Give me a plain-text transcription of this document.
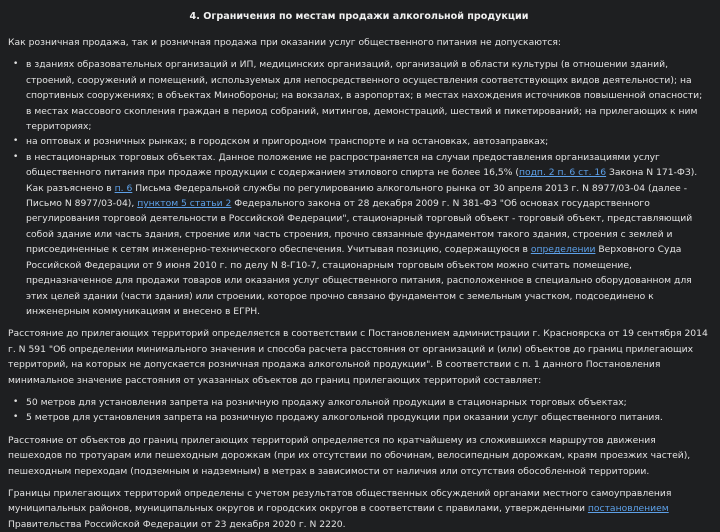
4. Ограничения по местам продажи алкогольной продукции

Как розничная продажа, так и розничная продажа при оказании услуг общественного питания не допускаются:

• в зданиях образовательных организаций и ИП, медицинских организаций, организаций в области культуры (в отношении зданий, строений, сооружений и помещений, используемых для непосредственного осуществления соответствующих видов деятельности); на спортивных сооружениях; в объектах Минобороны; на вокзалах, в аэропортах; в местах нахождения источников повышенной опасности; в местах массового скопления граждан в период собраний, митингов, демонстраций, шествий и пикетирований; на прилегающих к ним территориях;
• на оптовых и розничных рынках; в городском и пригородном транспорте и на остановках, автозаправках;
• в нестационарных торговых объектах. Данное положение не распространяется на случаи предоставления организациями услуг общественного питания при продаже продукции с содержанием этилового спирта не более 16,5% (подп. 2 п. 6 ст. 16 Закона N 171-ФЗ). Как разъяснено в п. 6 Письма Федеральной службы по регулированию алкогольного рынка от 30 апреля 2013 г. N 8977/03-04 (далее - Письмо N 8977/03-04), пунктом 5 статьи 2 Федерального закона от 28 декабря 2009 г. N 381-ФЗ "Об основах государственного регулирования торговой деятельности в Российской Федерации", стационарный торговый объект - торговый объект, представляющий собой здание или часть здания, строение или часть строения, прочно связанные фундаментом такого здания, строения с землей и присоединенные к сетям инженерно-технического обеспечения. Учитывая позицию, содержащуюся в определении Верховного Суда Российской Федерации от 9 июня 2010 г. по делу N 8-Г10-7, стационарным торговым объектом можно считать помещение, предназначенное для продажи товаров или оказания услуг общественного питания, расположенное в специально оборудованном для этих целей здании (части здания) или строении, которое прочно связано фундаментом с земельным участком, подсоединено к инженерным коммуникациям и внесено в ЕГРН.

Расстояние до прилегающих территорий определяется в соответствии с Постановлением администрации г. Красноярска от 19 сентября 2014 г. N 591 "Об определении минимального значения и способа расчета расстояния от организаций и (или) объектов до границ прилегающих территорий, на которых не допускается розничная продажа алкогольной продукции". В соответствии с п. 1 данного Постановления минимальное значение расстояния от указанных объектов до границ прилегающих территорий составляет:

• 50 метров для установления запрета на розничную продажу алкогольной продукции в стационарных торговых объектах;
• 5 метров для установления запрета на розничную продажу алкогольной продукции при оказании услуг общественного питания.

Расстояние от объектов до границ прилегающих территорий определяется по кратчайшему из сложившихся маршрутов движения пешеходов по тротуарам или пешеходным дорожкам (при их отсутствии по обочинам, велосипедным дорожкам, краям проезжих частей), пешеходным переходам (подземным и надземным) в метрах в зависимости от наличия или отсутствия обособленной территории.

Границы прилегающих территорий определены с учетом результатов общественных обсуждений органами местного самоуправления муниципальных районов, муниципальных округов и городских округов в соответствии с правилами, утвержденными постановлением Правительства Российской Федерации от 23 декабря 2020 г. N 2220.
